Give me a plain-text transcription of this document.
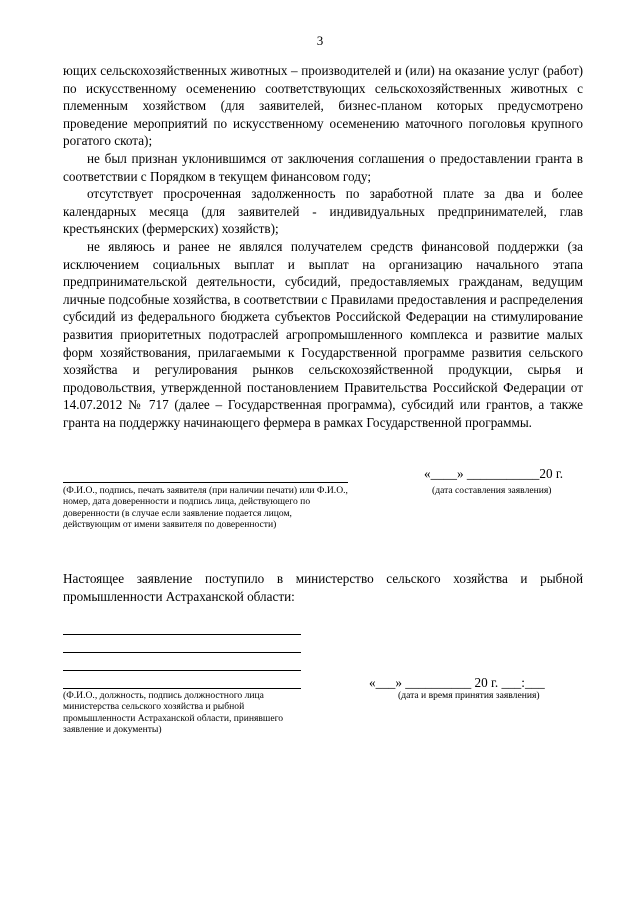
3

ющих сельскохозяйственных животных – производителей и (или) на оказание услуг (работ) по искусственному осеменению соответствующих сельскохозяйственных животных с племенным хозяйством (для заявителей, бизнес-планом которых предусмотрено проведение мероприятий по искусственному осеменению маточного поголовья крупного рогатого скота);

не был признан уклонившимся от заключения соглашения о предоставлении гранта в соответствии с Порядком в текущем финансовом году;

отсутствует просроченная задолженность по заработной плате за два и более календарных месяца (для заявителей - индивидуальных предпринимателей, глав крестьянских (фермерских) хозяйств);

не являюсь и ранее не являлся получателем средств финансовой поддержки (за исключением социальных выплат и выплат на организацию начального этапа предпринимательской деятельности, субсидий, предоставляемых гражданам, ведущим личные подсобные хозяйства, в соответствии с Правилами предоставления и распределения субсидий из федерального бюджета субъектов Российской Федерации на стимулирование развития приоритетных подотраслей агропромышленного комплекса и развитие малых форм хозяйствования, прилагаемыми к Государственной программе развития сельского хозяйства и регулирования рынков сельскохозяйственной продукции, сырья и продовольствия, утвержденной постановлением Правительства Российской Федерации от 14.07.2012 № 717 (далее – Государственная программа), субсидий или грантов, а также гранта на поддержку начинающего фермера в рамках Государственной программы.

(Ф.И.О., подпись, печать заявителя (при наличии печати) или Ф.И.О., номер, дата доверенности и подпись лица, действующего по доверенности (в случае если заявление подается лицом, действующим от имени заявителя по доверенности)
«____» ___________20 г.
(дата составления заявления)

Настоящее заявление поступило в министерство сельского хозяйства и рыбной промышленности Астраханской области:

(Ф.И.О., должность, подпись должностного лица министерства сельского хозяйства и рыбной промышленности Астраханской области, принявшего заявление и документы)
«___» __________ 20 г. ___:___
(дата и время принятия заявления)
